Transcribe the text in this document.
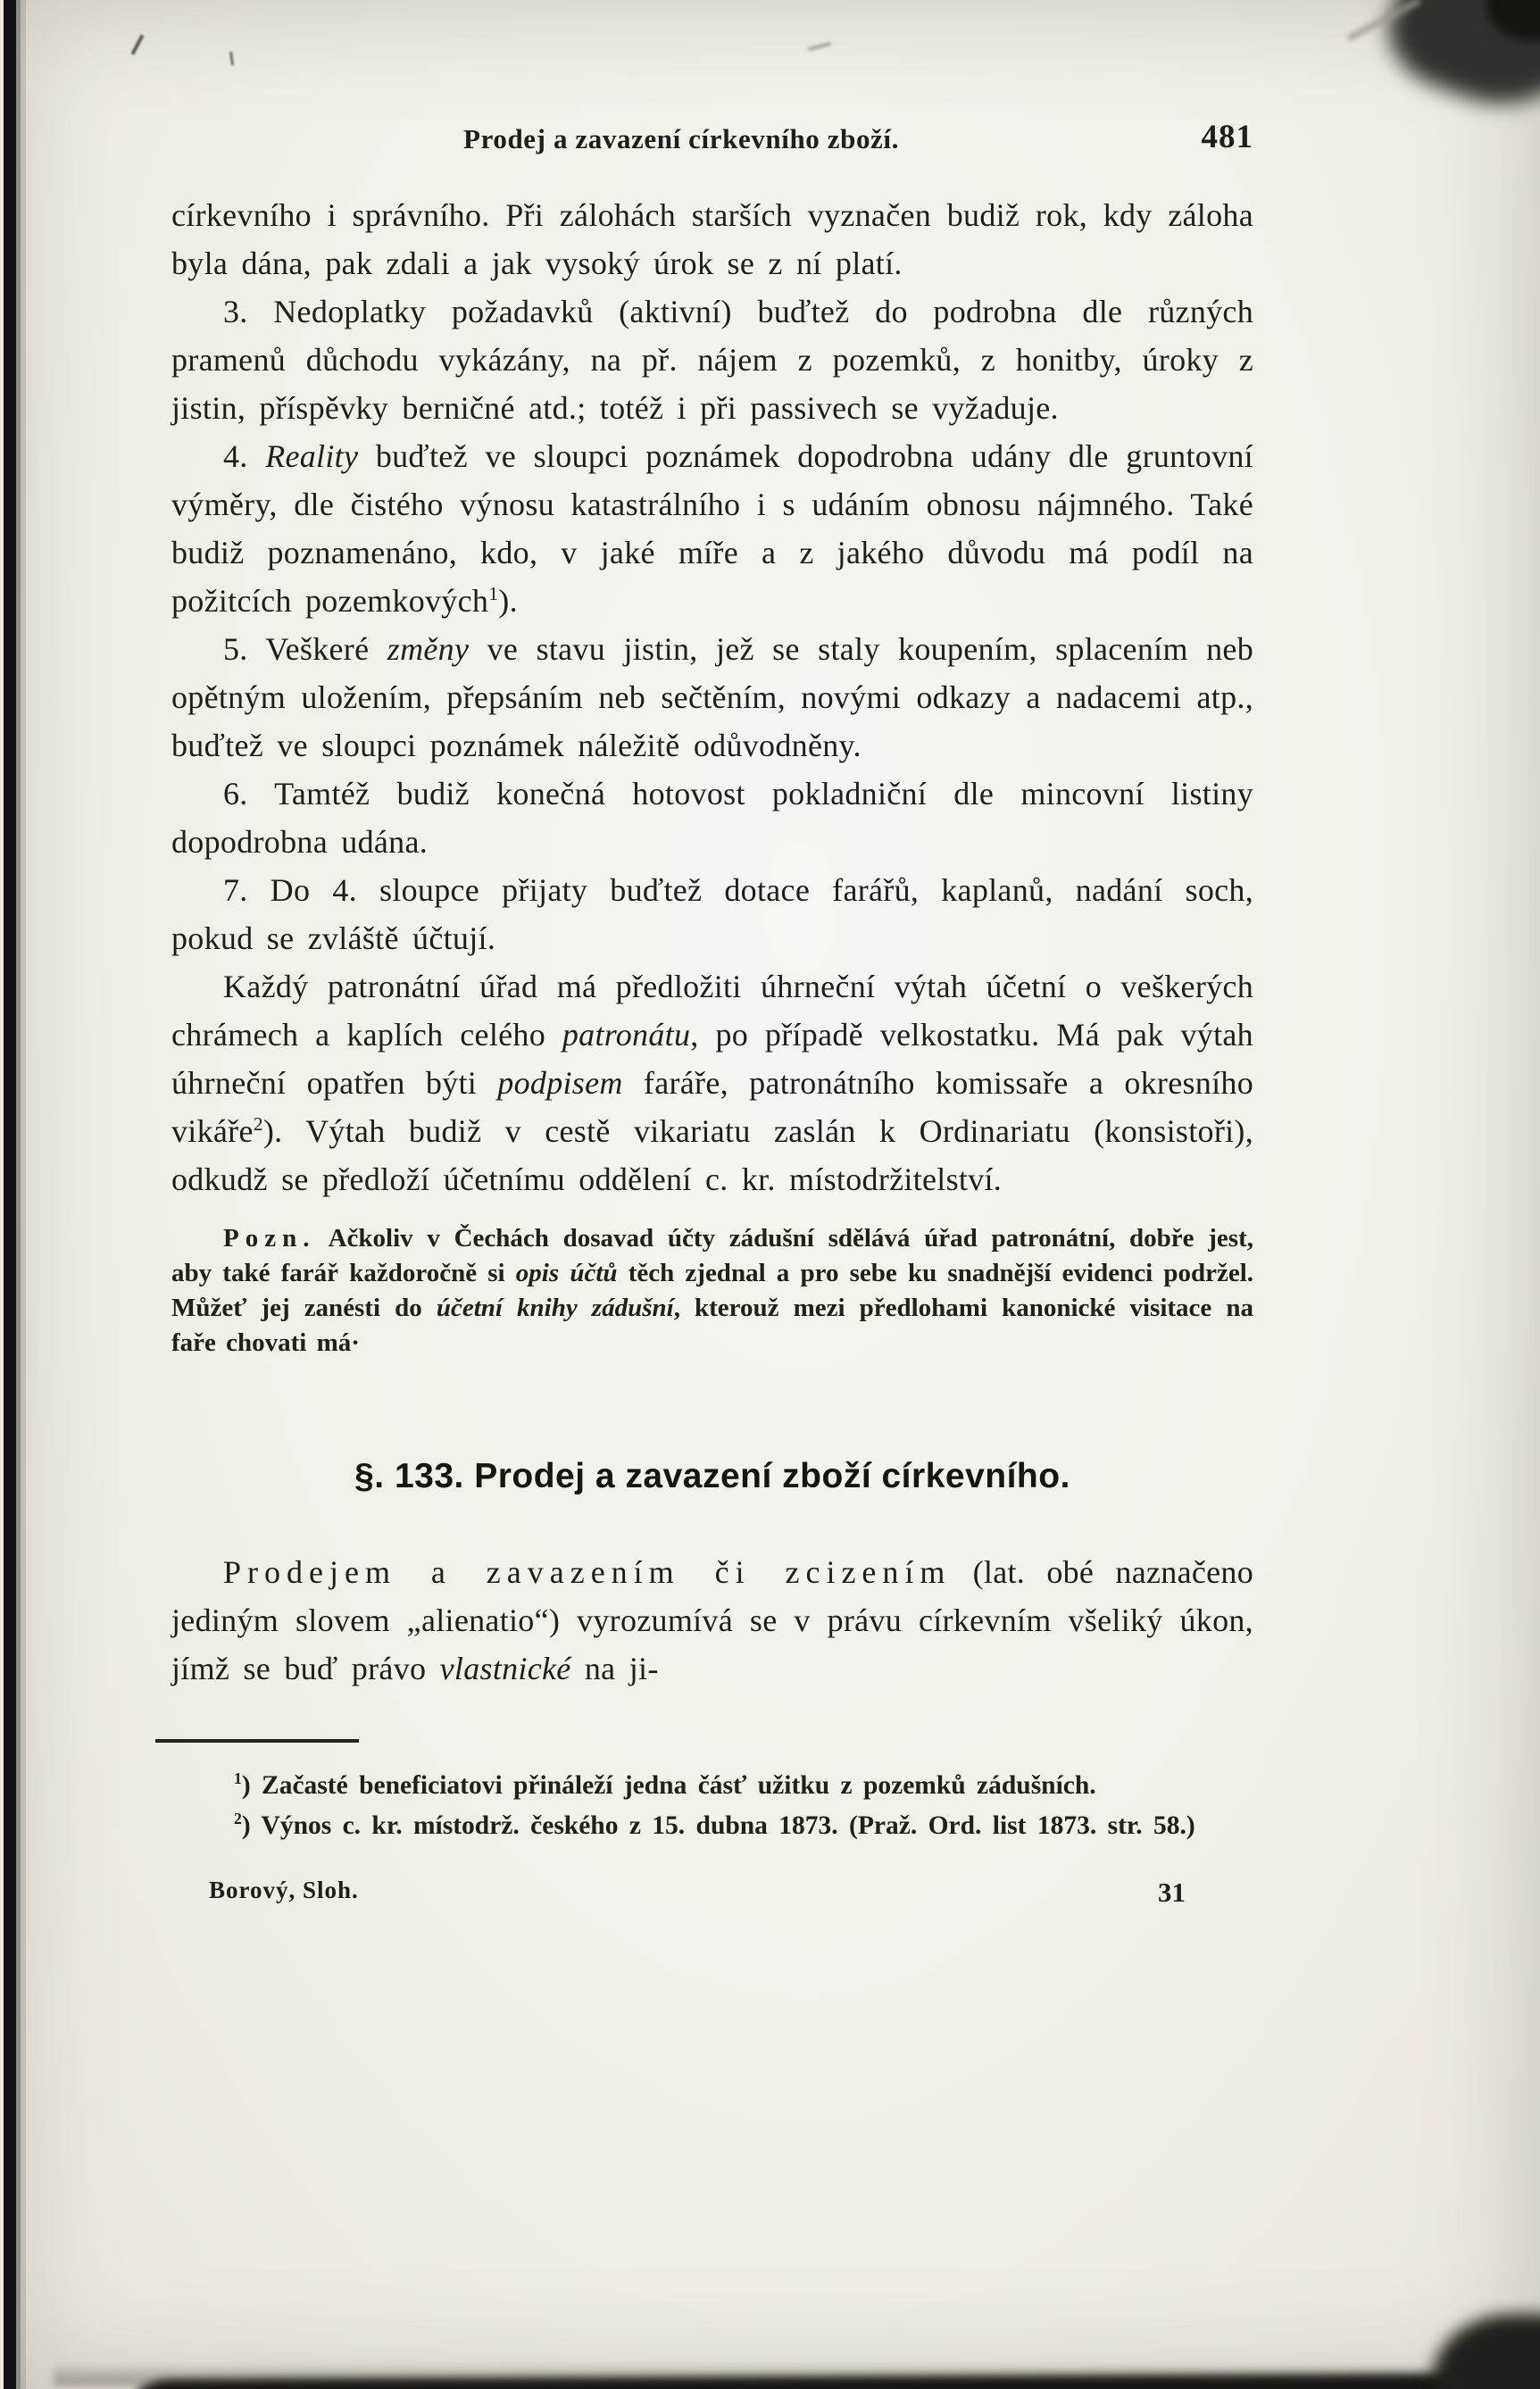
Prodej a zavazení církevního zboží.	481

církevního i správního. Při zálohách starších vyznačen budiž rok, kdy záloha byla dána, pak zdali a jak vysoký úrok se z ní platí.

3. Nedoplatky požadavků (aktivní) buďtež do podrobna dle různých pramenů důchodu vykázány, na př. nájem z pozemků, z honitby, úroky z jistin, příspěvky berničné atd.; totéž i při passivech se vyžaduje.

4. Reality buďtež ve sloupci poznámek dopodrobna udány dle gruntovní výměry, dle čistého výnosu katastrálního i s udáním obnosu nájmného. Také budiž poznamenáno, kdo, v jaké míře a z jakého důvodu má podíl na požitcích pozemkových$^1$).

5. Veškeré změny ve stavu jistin, jež se staly koupením, splacením neb opětným uložením, přepsáním neb sečtěním, novými odkazy a nadacemi atp., buďtež ve sloupci poznámek náležitě odůvodněny.

6. Tamtéž budiž konečná hotovost pokladniční dle mincovní listiny dopodrobna udána.

7. Do 4. sloupce přijaty buďtež dotace farářů, kaplanů, nadání soch, pokud se zvláště účtují.

Každý patronátní úřad má předložiti úhrneční výtah účetní o veškerých chrámech a kaplích celého patronátu, po případě velkostatku. Má pak výtah úhrneční opatřen býti podpisem faráře, patronátního komissaře a okresního vikáře$^2$). Výtah budiž v cestě vikariatu zaslán k Ordinariatu (konsistoři), odkudž se předloží účetnímu oddělení c. kr. místodržitelství.

Pozn. Ačkoliv v Čechách dosavad účty zádušní sdělává úřad patronátní, dobře jest, aby také farář každoročně si opis účtů těch zjednal a pro sebe ku snadnější evidenci podržel. Můžeť jej zanésti do účetní knihy zádušní, kterouž mezi předlohami kanonické visitace na faře chovati má·

§. 133. Prodej a zavazení zboží církevního.

Prodejem a zavazením či zcizením (lat. obé naznačeno jediným slovem „alienatio“) vyrozumívá se v právu církevním všeliký úkon, jímž se buď právo vlastnické na ji-

$^1$) Začasté beneficiatovi přináleží jedna čásť užitku z pozemků zádušních.

$^2$) Výnos c. kr. místodrž. českého z 15. dubna 1873. (Praž. Ord. list 1873. str. 58.)

Borový, Sloh.	31
